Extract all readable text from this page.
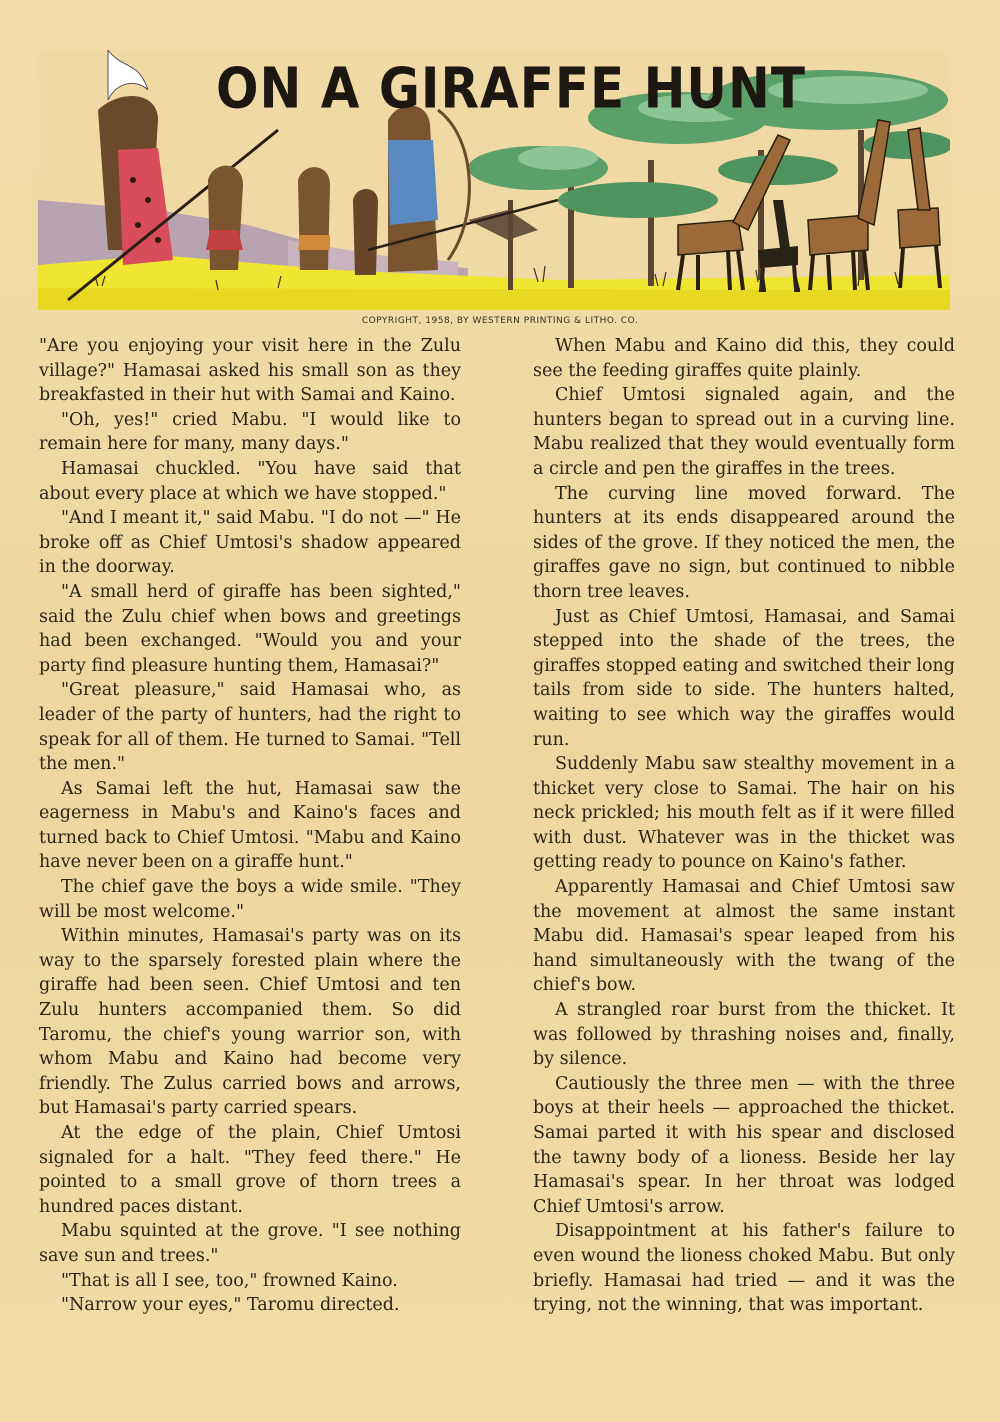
ON A GIRAFFE HUNT
COPYRIGHT, 1958, BY WESTERN PRINTING & LITHO. CO.

"Are you enjoying your visit here in the Zulu village?" Hamasai asked his small son as they breakfasted in their hut with Samai and Kaino.

"Oh, yes!" cried Mabu. "I would like to remain here for many, many days."

Hamasai chuckled. "You have said that about every place at which we have stopped."

"And I meant it," said Mabu. "I do not —" He broke off as Chief Umtosi's shadow appeared in the doorway.

"A small herd of giraffe has been sighted," said the Zulu chief when bows and greetings had been exchanged. "Would you and your party find pleasure hunting them, Hamasai?"

"Great pleasure," said Hamasai who, as leader of the party of hunters, had the right to speak for all of them. He turned to Samai. "Tell the men."

As Samai left the hut, Hamasai saw the eagerness in Mabu's and Kaino's faces and turned back to Chief Umtosi. "Mabu and Kaino have never been on a giraffe hunt."

The chief gave the boys a wide smile. "They will be most welcome."

Within minutes, Hamasai's party was on its way to the sparsely forested plain where the giraffe had been seen. Chief Umtosi and ten Zulu hunters accompanied them. So did Taromu, the chief's young warrior son, with whom Mabu and Kaino had become very friendly. The Zulus carried bows and arrows, but Hamasai's party carried spears.

At the edge of the plain, Chief Umtosi signaled for a halt. "They feed there." He pointed to a small grove of thorn trees a hundred paces distant.

Mabu squinted at the grove. "I see nothing save sun and trees."

"That is all I see, too," frowned Kaino.

"Narrow your eyes," Taromu directed.

When Mabu and Kaino did this, they could see the feeding giraffes quite plainly.

Chief Umtosi signaled again, and the hunters began to spread out in a curving line. Mabu realized that they would eventually form a circle and pen the giraffes in the trees.

The curving line moved forward. The hunters at its ends disappeared around the sides of the grove. If they noticed the men, the giraffes gave no sign, but continued to nibble thorn tree leaves.

Just as Chief Umtosi, Hamasai, and Samai stepped into the shade of the trees, the giraffes stopped eating and switched their long tails from side to side. The hunters halted, waiting to see which way the giraffes would run.

Suddenly Mabu saw stealthy movement in a thicket very close to Samai. The hair on his neck prickled; his mouth felt as if it were filled with dust. Whatever was in the thicket was getting ready to pounce on Kaino's father.

Apparently Hamasai and Chief Umtosi saw the movement at almost the same instant Mabu did. Hamasai's spear leaped from his hand simultaneously with the twang of the chief's bow.

A strangled roar burst from the thicket. It was followed by thrashing noises and, finally, by silence.

Cautiously the three men — with the three boys at their heels — approached the thicket. Samai parted it with his spear and disclosed the tawny body of a lioness. Beside her lay Hamasai's spear. In her throat was lodged Chief Umtosi's arrow.

Disappointment at his father's failure to even wound the lioness choked Mabu. But only briefly. Hamasai had tried — and it was the trying, not the winning, that was important.
